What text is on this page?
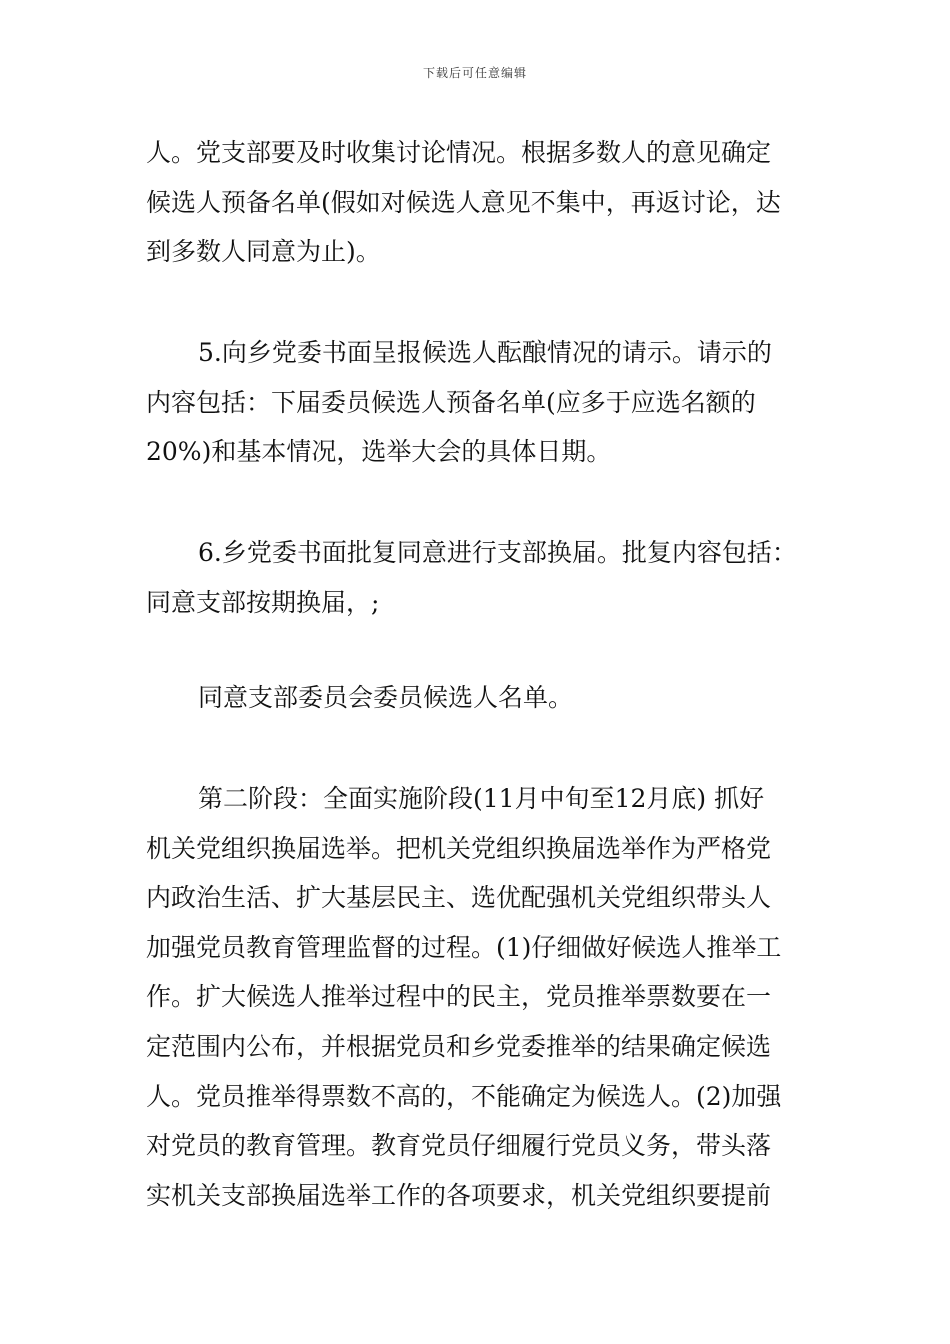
下载后可任意编辑

人。党支部要及时收集讨论情况。根据多数人的意见确定
候选人预备名单(假如对候选人意见不集中，再返讨论，达
到多数人同意为止)。

5.向乡党委书面呈报候选人酝酿情况的请示。请示的
内容包括：下届委员候选人预备名单(应多于应选名额的
20%)和基本情况，选举大会的具体日期。

6.乡党委书面批复同意进行支部换届。批复内容包括：
同意支部按期换届，;

同意支部委员会委员候选人名单。

第二阶段：全面实施阶段(11月中旬至12月底) 抓好
机关党组织换届选举。把机关党组织换届选举作为严格党
内政治生活、扩大基层民主、选优配强机关党组织带头人
加强党员教育管理监督的过程。(1)仔细做好候选人推举工
作。扩大候选人推举过程中的民主，党员推举票数要在一
定范围内公布，并根据党员和乡党委推举的结果确定候选
人。党员推举得票数不高的，不能确定为候选人。(2)加强
对党员的教育管理。教育党员仔细履行党员义务，带头落
实机关支部换届选举工作的各项要求，机关党组织要提前
